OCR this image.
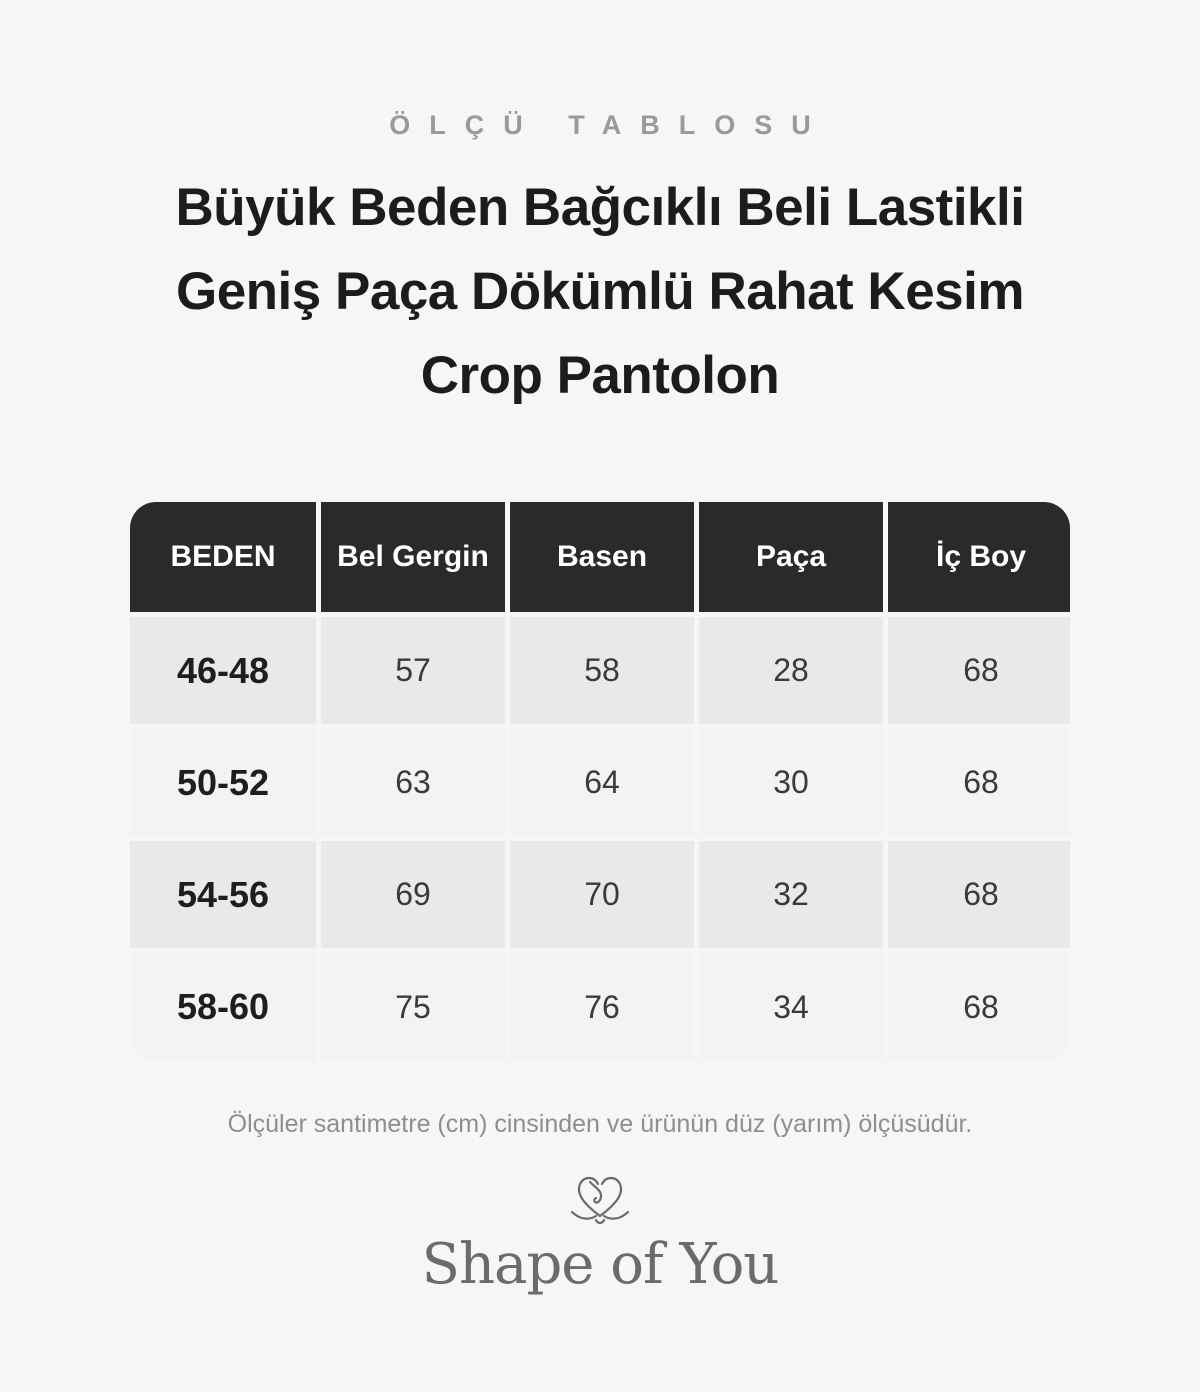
ÖLÇÜ TABLOSU
Büyük Beden Bağcıklı Beli Lastikli
Geniş Paça Dökümlü Rahat Kesim
Crop Pantolon
BEDEN	Bel Gergin	Basen	Paça	İç Boy
46-48	57	58	28	68
50-52	63	64	30	68
54-56	69	70	32	68
58-60	75	76	34	68

Ölçüler santimetre (cm) cinsinden ve ürünün düz (yarım) ölçüsüdür.

Shape of You
